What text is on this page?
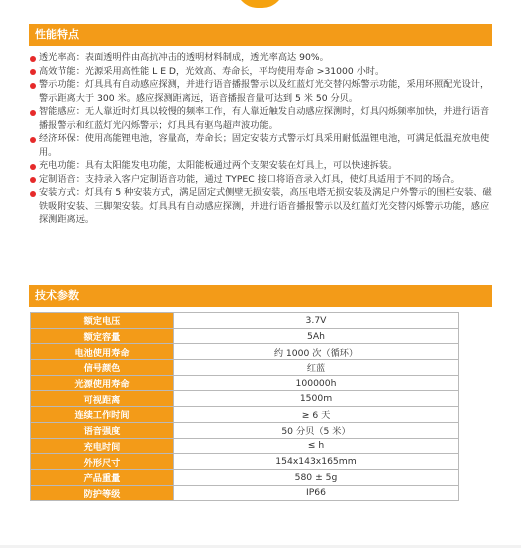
性能特点
透光率高：表面透明件由高抗冲击的透明材料制成，透光率高达 90%。
高效节能：光源采用高性能 L E D，光效高、寿命长，平均使用寿命 >31000 小时。
警示功能：灯具具有自动感应探测，并进行语音播报警示以及红蓝灯光交替闪烁警示功能，采用环照配光设计，警示距离大于 300 米。感应探测距离远，语音播报音量可达到 5 米 50 分贝。
智能感应：无人靠近时灯具以较慢的频率工作，有人靠近触发自动感应探测时，灯具闪烁频率加快，并进行语音播报警示和红蓝灯光闪烁警示；灯具具有驱鸟超声波功能。
经济环保：使用高能锂电池，容量高，寿命长；固定安装方式警示灯具采用耐低温锂电池，可满足低温充放电使用。
充电功能：具有太阳能发电功能，太阳能板通过两个支架安装在灯具上，可以快速拆装。
定制语音：支持录入客户定制语音功能，通过 TYPEC 接口将语音录入灯具，使灯具适用于不同的场合。
安装方式：灯具有 5 种安装方式，满足固定式侧壁无损安装，高压电塔无损安装及满足户外警示的围栏安装、磁铁吸附安装、三脚架安装。灯具具有自动感应探测，并进行语音播报警示以及红蓝灯光交替闪烁警示功能，感应探测距离远。
技术参数
额定电压	3.7V
额定容量	5Ah
电池使用寿命	约 1000 次（循环）
信号颜色	红蓝
光源使用寿命	100000h
可视距离	1500m
连续工作时间	≥ 6 天
语音强度	50 分贝（5 米）
充电时间	≤ h
外形尺寸	154x143x165mm
产品重量	580 ± 5g
防护等级	IP66
